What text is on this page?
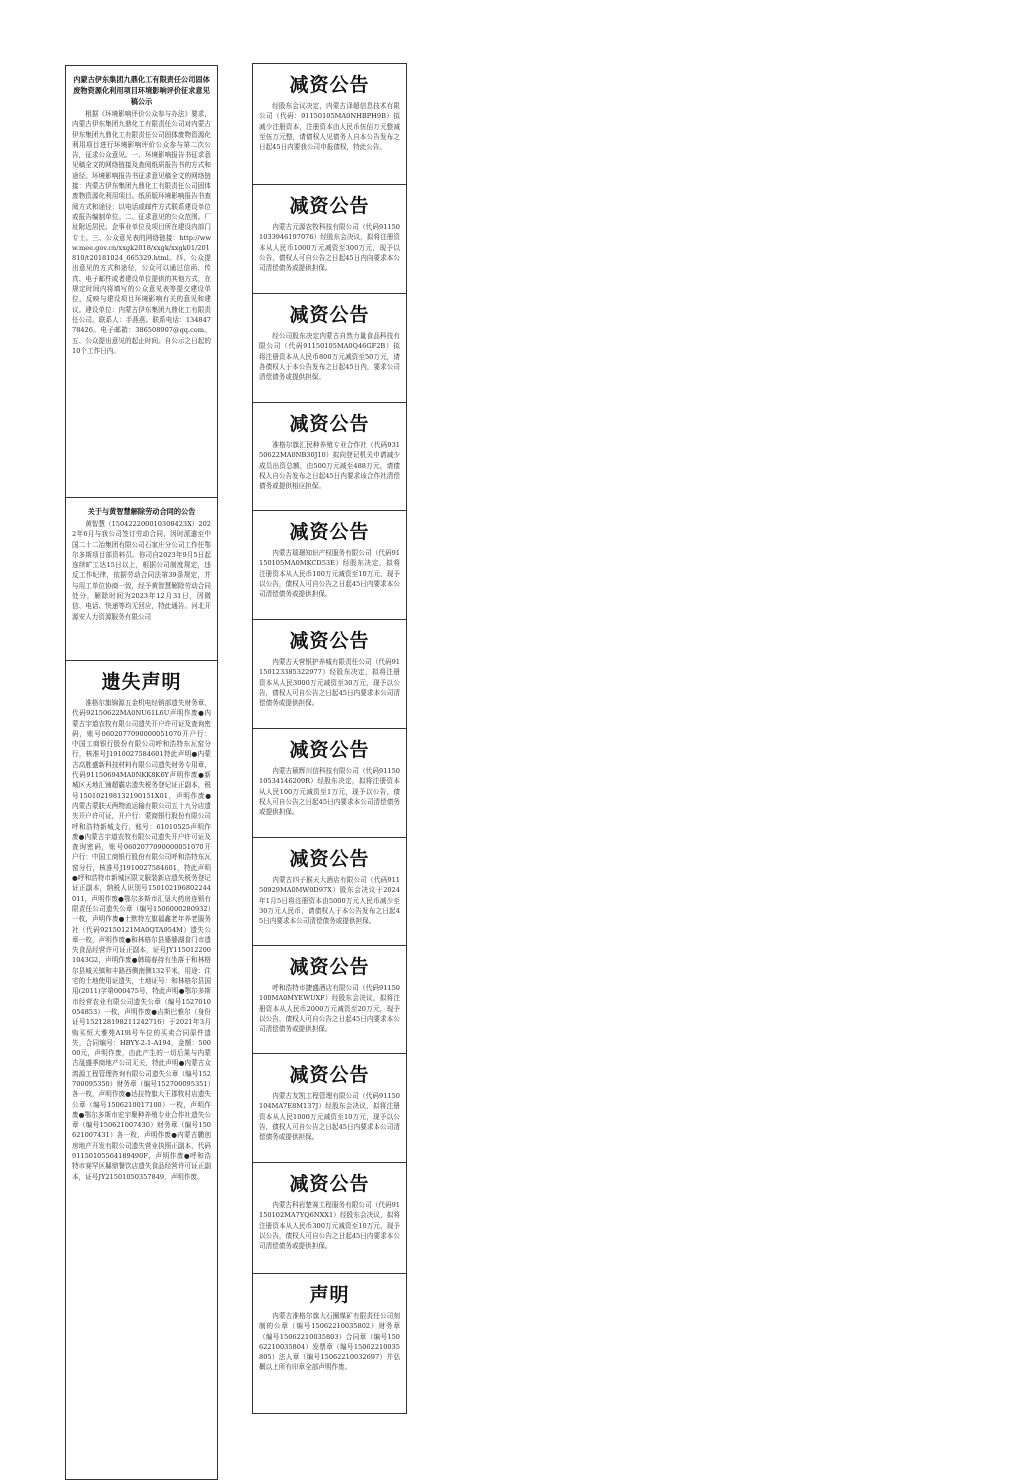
内蒙古伊东集团九鼎化工有限责任公司固体废物资源化利用项目环境影响评价征求意见稿公示

根据《环境影响评价公众参与办法》要求，内蒙古伊东集团九鼎化工有限责任公司对内蒙古伊东集团九鼎化工有限责任公司固体废物资源化利用项目进行环境影响评价公众参与第二次公告，征求公众意见。一、环境影响报告书征求意见稿全文的网络链接及查阅纸质报告书的方式和途径。环境影响报告书征求意见稿全文的网络链接：内蒙古伊东集团九鼎化工有限责任公司固体废物资源化利用项目。纸质版环境影响报告书查阅方式和途径：以电话或邮件方式联系建设单位或报告编制单位。二、征求意见的公众范围。厂址附近居民、企事业单位及项目所在建设内部门专士。三、公众意见表的网络链接：http://www.mee.gov.cn/xxgk2018/xxgk/xxgk01/201810/t20181024_665329.html。四、公众提出意见的方式和途径，公众可以通过信函、传真、电子邮件或者建设单位提供的其他方式，在规定时间内将填写的公众意见表等提交建设单位，反映与建设项目环境影响有关的意见和建议。建设单位：内蒙古伊东集团九鼎化工有限责任公司。联系人：手燕燕。联系电话：13484778426。电子邮箱：386508907@qq.com。五、公众提出意见的起止时间。自公示之日起的10个工作日内。

关于与黄智慧解除劳动合同的公告

黄智慧（150422200010308423X）2022年6月与我公司签订劳动合同，因时派遣至中国二十二冶集团有限公司石家庄分公司工作任鄂尔多斯项目部资料员。你司自2023年9月5日起连续旷工达15日以上，根据公司制度规定，违反工作纪律，依据劳动合同法第39条规定，并与用工单位协商一致，经予黄智慧解除劳动合同处分，解除时间为2023年12月31日，因微信、电话、快递等均无回应，特此通告。河北开源安人力资源服务有限公司

遗失声明

准格尔旗锦源五金机电经销部遗失财务章，代码92150622MA0NU61L6U声明作废●内蒙古宇道农牧有限公司遗失开户许可证及查询密码，账号0602077090000051070开户行：中国工商银行股份有限公司呼和浩特东瓦窑分行，核准号J1910027584601特此声明●内蒙古高胜盛新科技材料有限公司遗失财务专用章，代码91150694MA0NKK8K6Y声明作废●新城区天地汇铺超霸店遗失税务登记证正副本，税号150102198132190151X01，声明作废●内蒙古蒙肤天两物流运输有限公司五十九分店遗失开户许可证，开户行：蒙商银行股份有限公司呼和浩特新城支行，账号：61010525声明作废●内蒙古宇道农牧有限公司遗失开户许可证及查询密码，账号0602077090000051070开户行：中国工商银行股份有限公司呼和浩特东瓦窑分行，核准号J1910027584601，特此声明●呼和浩特市新城区限文服装新店遗失税务登记证正副本，纳税人识别号150102196802244011，声明作废●鄂尔多斯市汇垦大药房连锁有限责任公司遗失公章（编号1506000280932）一枚，声明作废●土默特左旗福鑫老年养老服务社（代码92150121MA0QTA954M）遗失公章一枚，声明作废●和林格尔县婆婆湖食门市遗失食品经营许可证正副本，证号JY1150122001043G2，声明作废●韩瑞春持有坐落于和林格尔县城关镇和丰路西侧南侧132平米，用途：住宅的土地使用证遗失，土地证号：和林格尔县国用(2011)字第000475号，特此声明●鄂尔多斯市经营农业有限公司遗失公章（编号1527010054853）一枚，声明作废●吉斯巴雅尔（身份证号152128198211242716）于2021年3月购买恒大雅苑A19l号车位的买卖合同原件遗失，合同编号：HBYY-2-1-A194，金额：50000元，声明作废，由此产生的一切后果与内蒙古晟盛季商地产公司无关，特此声明●内蒙古众鸿源工程管理咨询有限公司遗失公章（编号15270009535​0）财务章（编号15270009535​1）各一枚，声明作废●达拉特旗大王郡牧村店遗失公章（编号1506210017100）一枚，声明作废●鄂尔多斯市宏宇聚种养殖专业合作社遗失公章（编号150621007430）财务章（编号150621007431）各一枚，声明作废●内蒙古鹏创房地产开发有限公司遗失营业执照正副本，代码9115010556418949​0F，声明作废●呼和浩特市赛罕区縣鼎餐饮店遗失食品经营许可证正副本，证号JY21501050357849，声明作废。

减资公告

经股东会议决定，内蒙古泽超信息技术有限公司（代码：91150105MA0NHBPH9B）拟减少注册资本，注册资本由人民币伍佰万元整减至伍万元整，请债权人见债务人自本公告发布之日起45日内要我公司申报债权，特此公告。

减资公告

内蒙古元源农牧科技有限公司（代码91150103394619707​6）经股东会决议，拟将注册资本从人民币1000万元减资至300万元，现予以公告，债权人可自公告之日起45日内向要求本公司清偿债务或提供担保。

减资公告

经公司股东决定内蒙古自然力量食品科技有限公司（代码91150105MA0Q46GF2B）拟将注册资本从人民币800万元减资至50万元，请各债权人于本公告发布之日起45日内，要求公司清偿债务或提供担保。

减资公告

准格尔旗汇民种养殖专业合作社（代码93150622MA0NB30J10）拟向登记机关申请减少成员出资总额，由500万元减至488万元，请债权人自公告发布之日起45日内要求该合作社清偿债务或提供相应担保。

减资公告

内蒙古瑞璟知识产权服务有限公司（代码91150105MA0MKCD53E）经股东决定，拟将注册资本从人民币100万元减资至10万元，现予以公告，债权人可自公告之日起45日内要求本公司清偿债务或提供担保。

减资公告

内蒙古天营银护养城有限责任公司（代码91150123385322977）经股东决定，拟将注册资本从人民3000万元减资至30万元，现予以公告，债权人可自公告之日起45日内要求本公司清偿债务或提供担保。

减资公告

内蒙古硕辉川信科技有限公司（代码91150105341462​09R）经股东决定，拟将注册资本从人民100万元减资至1万元，现予以公告，债权人可自公告之日起45日内要求本公司清偿债务或提供担保。

减资公告

内蒙古四子猴天大酒店有限公司（代码91150929MA0MW0D97X）股东会决议于2024年1月5日将注册资本由5000万元人民币减少至30万元人民币，请债权人于本公告发布之日起45日内要求本公司清偿债务或提供担保。

减资公告

呼和浩特市捷盛酒店有限公司（代码91150100MA0MYEWUXF）经股东会决议，拟将注册资本从人民币2000万元减资至20万元，现予以公告，债权人可自公告之日起45日内要求本公司清偿债务或提供担保。

减资公告

内蒙古友凯工程管理有限公司（代码91150104MA7E8M137J）经股东会决议，拟将注册资本从人民1000万元减资至10万元，现予以公告，债权人可自公告之日起45日内要求本公司清偿债务或提供担保。

减资公告

内蒙古科岩楚赛工程服务有限公司（代码91150102MA7YQ6NXX1）经股东会决议，拟将注册资本从人民币300万元减资至10万元，现予以公告，债权人可自公告之日起45日内要求本公司清偿债务或提供担保。

声明

内蒙古准格尔旗大石圈煤矿有限责任公司刻制的公章（编号1506221003580​2）财务章（编号1506221003580​3）合同章（编号1506221003580​4）发票章（编号1506221003580​5）法人章（编号15062210032697）并弘概以上所有印章全部声明作废。
